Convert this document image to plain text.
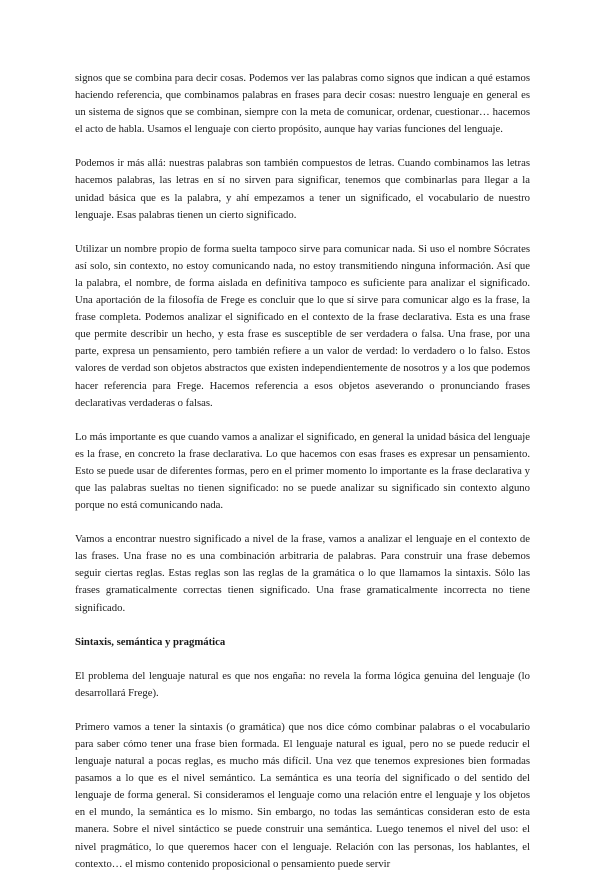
signos que se combina para decir cosas. Podemos ver las palabras como signos que indican a qué estamos haciendo referencia, que combinamos palabras en frases para decir cosas: nuestro lenguaje en general es un sistema de signos que se combinan, siempre con la meta de comunicar, ordenar, cuestionar… hacemos el acto de habla. Usamos el lenguaje con cierto propósito, aunque hay varias funciones del lenguaje.

Podemos ir más allá: nuestras palabras son también compuestos de letras. Cuando combinamos las letras hacemos palabras, las letras en sí no sirven para significar, tenemos que combinarlas para llegar a la unidad básica que es la palabra, y ahí empezamos a tener un significado, el vocabulario de nuestro lenguaje. Esas palabras tienen un cierto significado.

Utilizar un nombre propio de forma suelta tampoco sirve para comunicar nada. Si uso el nombre Sócrates así solo, sin contexto, no estoy comunicando nada, no estoy transmitiendo ninguna información. Así que la palabra, el nombre, de forma aislada en definitiva tampoco es suficiente para analizar el significado. Una aportación de la filosofía de Frege es concluir que lo que sí sirve para comunicar algo es la frase, la frase completa. Podemos analizar el significado en el contexto de la frase declarativa. Esta es una frase que permite describir un hecho, y esta frase es susceptible de ser verdadera o falsa. Una frase, por una parte, expresa un pensamiento, pero también refiere a un valor de verdad: lo verdadero o lo falso. Estos valores de verdad son objetos abstractos que existen independientemente de nosotros y a los que podemos hacer referencia para Frege. Hacemos referencia a esos objetos aseverando o pronunciando frases declarativas verdaderas o falsas.

Lo más importante es que cuando vamos a analizar el significado, en general la unidad básica del lenguaje es la frase, en concreto la frase declarativa. Lo que hacemos con esas frases es expresar un pensamiento. Esto se puede usar de diferentes formas, pero en el primer momento lo importante es la frase declarativa y que las palabras sueltas no tienen significado: no se puede analizar su significado sin contexto alguno porque no está comunicando nada.

Vamos a encontrar nuestro significado a nivel de la frase, vamos a analizar el lenguaje en el contexto de las frases. Una frase no es una combinación arbitraria de palabras. Para construir una frase debemos seguir ciertas reglas. Estas reglas son las reglas de la gramática o lo que llamamos la sintaxis. Sólo las frases gramaticalmente correctas tienen significado. Una frase gramaticalmente incorrecta no tiene significado.

Sintaxis, semántica y pragmática

El problema del lenguaje natural es que nos engaña: no revela la forma lógica genuina del lenguaje (lo desarrollará Frege).

Primero vamos a tener la sintaxis (o gramática) que nos dice cómo combinar palabras o el vocabulario para saber cómo tener una frase bien formada. El lenguaje natural es igual, pero no se puede reducir el lenguaje natural a pocas reglas, es mucho más difícil. Una vez que tenemos expresiones bien formadas pasamos a lo que es el nivel semántico. La semántica es una teoría del significado o del sentido del lenguaje de forma general. Si consideramos el lenguaje como una relación entre el lenguaje y los objetos en el mundo, la semántica es lo mismo. Sin embargo, no todas las semánticas consideran esto de esta manera. Sobre el nivel sintáctico se puede construir una semántica. Luego tenemos el nivel del uso: el nivel pragmático, lo que queremos hacer con el lenguaje. Relación con las personas, los hablantes, el contexto… el mismo contenido proposicional o pensamiento puede servir
